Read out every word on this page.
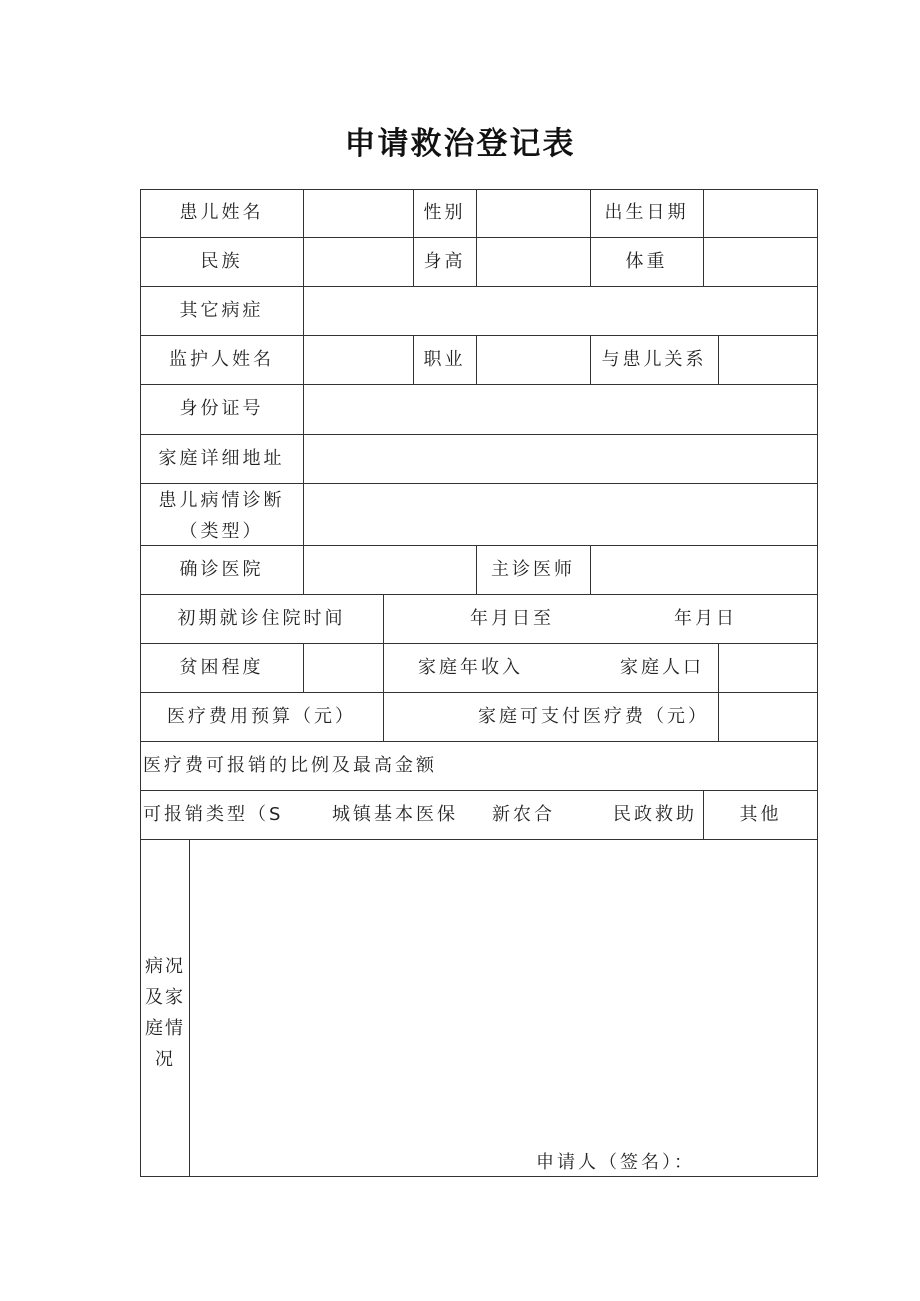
申请救治登记表
患儿姓名	性别	出生日期
民族	身高	体重
其它病症
监护人姓名	职业	与患儿关系
身份证号
家庭详细地址
患儿病情诊断（类型）
确诊医院	主诊医师
初期就诊住院时间	年月日至	年月日
贫困程度	家庭年收入	家庭人口
医疗费用预算（元）	家庭可支付医疗费（元）
医疗费可报销的比例及最高金额
可报销类型（S	城镇基本医保 新农合	民政救助	其他
病况及家庭情况
申请人（签名）：
